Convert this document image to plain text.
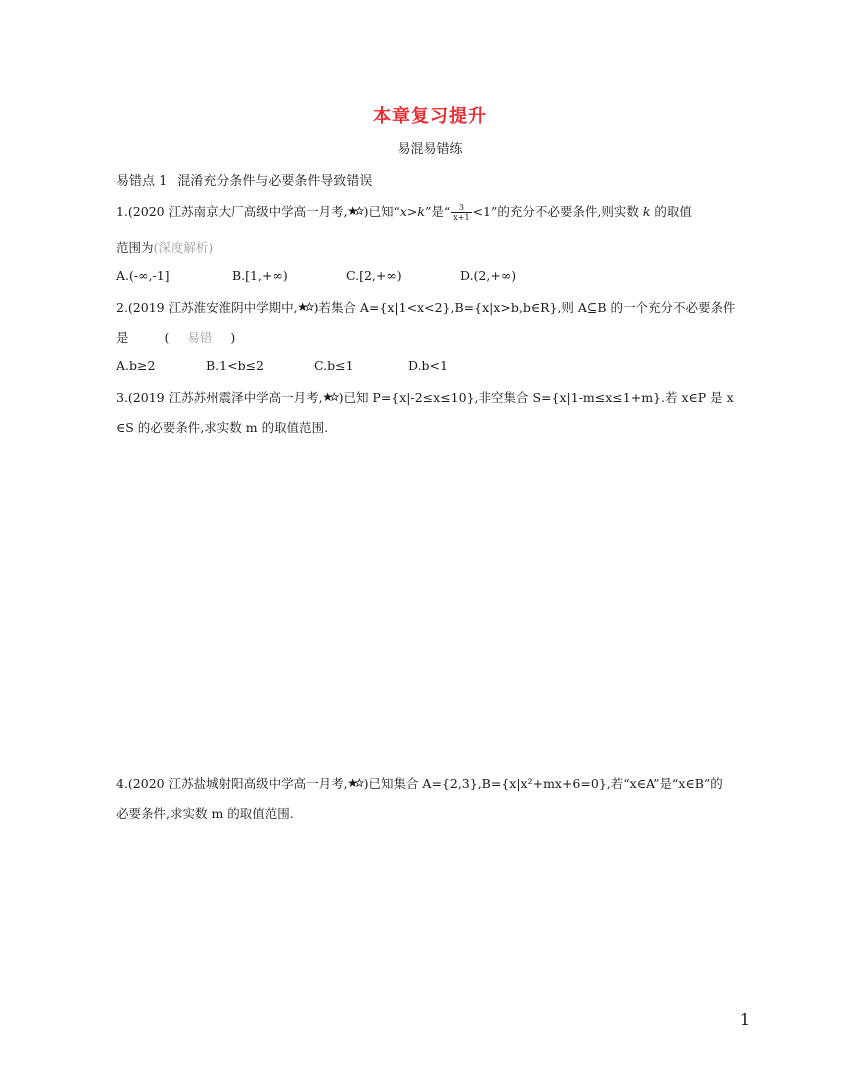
本章复习提升
易混易错练
易错点 1 混淆充分条件与必要条件导致错误
1.(2020 江苏南京大厂高级中学高一月考, )已知“x>k”是“ $\frac{3}{x+1} <1$”的充分不必要条件,则实数 k 的取值
范围为(深度解析)
A.(-∞,-1]	B.[1,+∞)	C.[2,+∞)	D.(2,+∞)
2.(2019 江苏淮安淮阴中学期中, )若集合 A={x|1<x<2},B={x|x>b,b∈R},则 A⊆B 的一个充分不必要条件
是	( 易错 )
A.b≥2	B.1<b≤2	C.b≤1	D.b<1
3.(2019 江苏苏州震泽中学高一月考, )已知 P={x|-2≤x≤10},非空集合 S={x|1-m≤x≤1+m}.若 x∈P 是 x
∈S 的必要条件,求实数 m 的取值范围.
4.(2020 江苏盐城射阳高级中学高一月考, )已知集合 A={2,3},B={x|x²+mx+6=0},若“x∈A”是“x∈B”的
必要条件,求实数 m 的取值范围.
1
